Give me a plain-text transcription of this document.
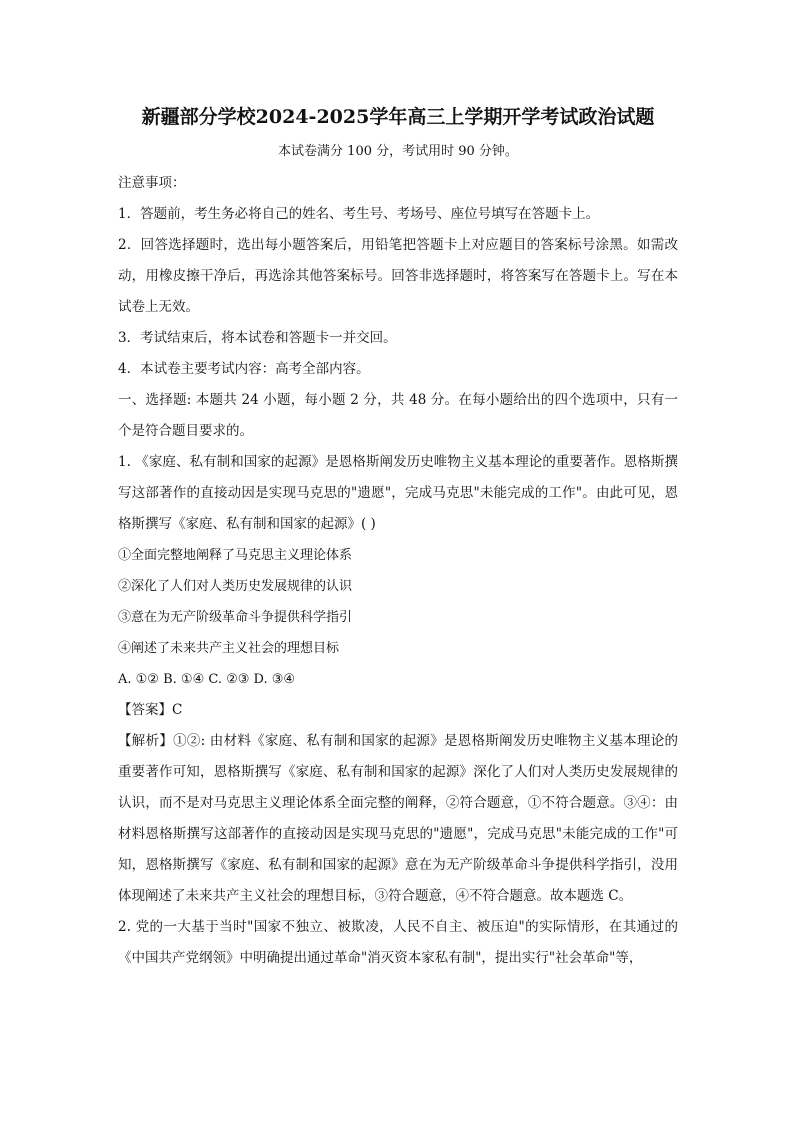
新疆部分学校2024-2025学年高三上学期开学考试政治试题
本试卷满分 100 分，考试用时 90 分钟。

注意事项：

1．答题前，考生务必将自己的姓名、考生号、考场号、座位号填写在答题卡上。

2．回答选择题时，选出每小题答案后，用铅笔把答题卡上对应题目的答案标号涂黑。如需改动，用橡皮擦干净后，再选涂其他答案标号。回答非选择题时，将答案写在答题卡上。写在本试卷上无效。

3．考试结束后，将本试卷和答题卡一并交回。

4．本试卷主要考试内容：高考全部内容。

一、选择题: 本题共 24 小题，每小题 2 分，共 48 分。在每小题给出的四个选项中，只有一个是符合题目要求的。

1. 《家庭、私有制和国家的起源》是恩格斯阐发历史唯物主义基本理论的重要著作。恩格斯撰写这部著作的直接动因是实现马克思的"遗愿"，完成马克思"未能完成的工作"。由此可见，恩格斯撰写《家庭、私有制和国家的起源》( )

①全面完整地阐释了马克思主义理论体系

②深化了人们对人类历史发展规律的认识

③意在为无产阶级革命斗争提供科学指引

④阐述了未来共产主义社会的理想目标

A. ①② B. ①④ C. ②③ D. ③④

【答案】C

【解析】①②: 由材料《家庭、私有制和国家的起源》是恩格斯阐发历史唯物主义基本理论的重要著作可知，恩格斯撰写《家庭、私有制和国家的起源》深化了人们对人类历史发展规律的认识，而不是对马克思主义理论体系全面完整的阐释，②符合题意，①不符合题意。③④：由材料恩格斯撰写这部著作的直接动因是实现马克思的"遗愿"，完成马克思"未能完成的工作"可知，恩格斯撰写《家庭、私有制和国家的起源》意在为无产阶级革命斗争提供科学指引，没用体现阐述了未来共产主义社会的理想目标，③符合题意，④不符合题意。故本题选 C。

2. 党的一大基于当时"国家不独立、被欺凌，人民不自主、被压迫"的实际情形，在其通过的《中国共产党纲领》中明确提出通过革命"消灭资本家私有制"，提出实行"社会革命"等，
